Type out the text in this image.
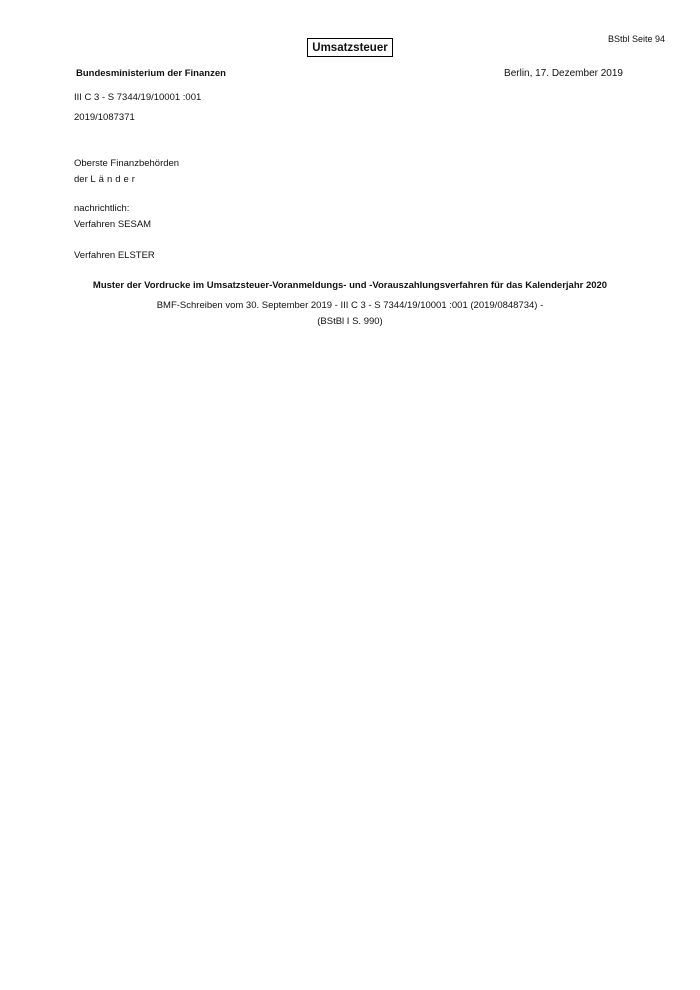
BStbl Seite 94
Umsatzsteuer
Bundesministerium der Finanzen	Berlin, 17. Dezember 2019
III C 3 - S 7344/19/10001 :001
2019/1087371
Oberste Finanzbehörden
der Länder
nachrichtlich:
Verfahren SESAM
Verfahren ELSTER
Muster der Vordrucke im Umsatzsteuer-Voranmeldungs- und -Vorauszahlungsverfahren für das Kalenderjahr 2020
BMF-Schreiben vom 30. September 2019 - III C 3 - S 7344/19/10001 :001 (2019/0848734) -
(BStBl I S. 990)
